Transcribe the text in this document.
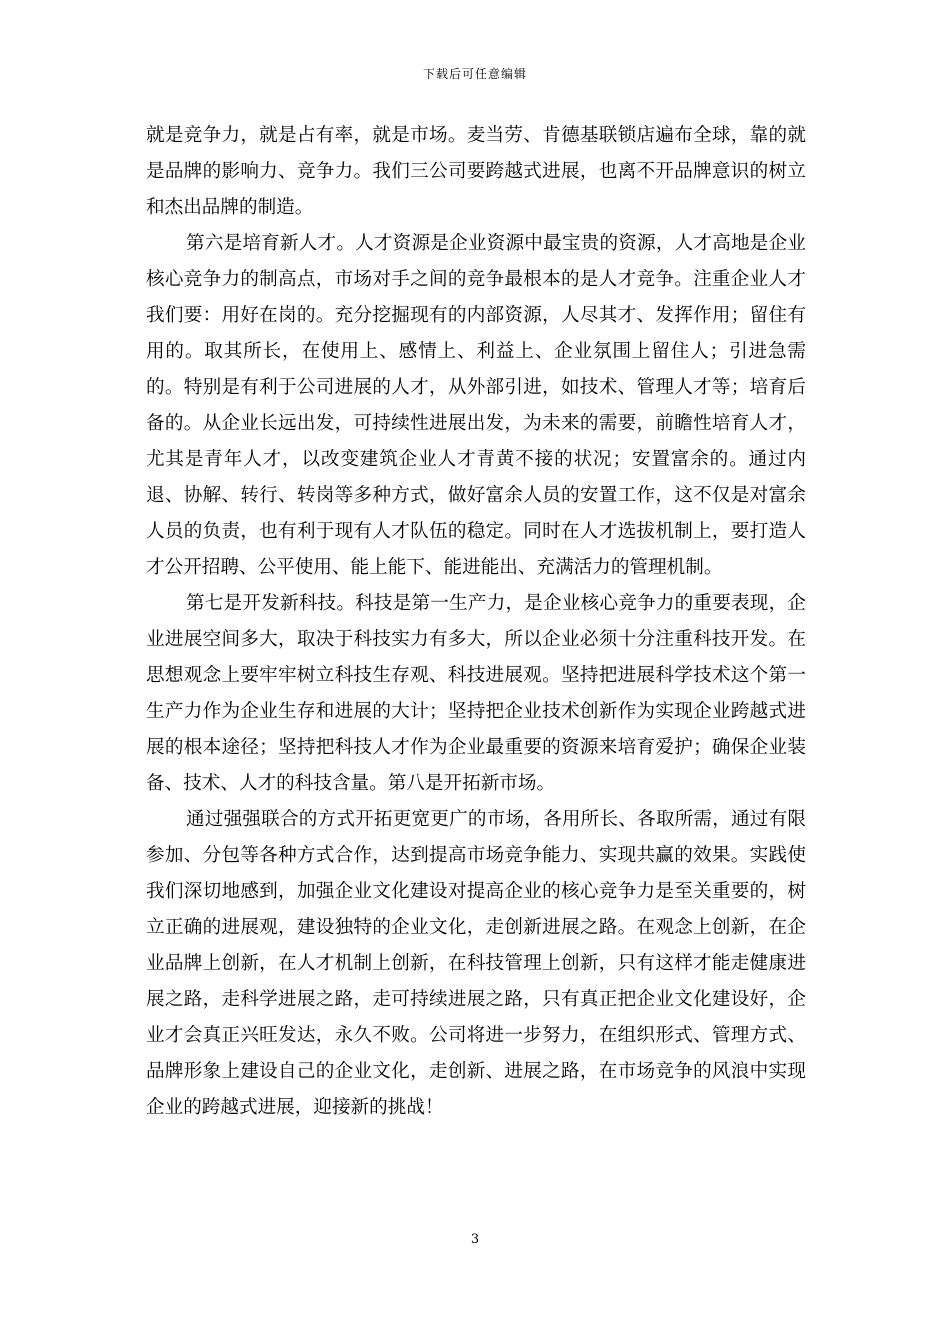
下载后可任意编辑

就是竞争力，就是占有率，就是市场。麦当劳、肯德基联锁店遍布全球，靠的就是品牌的影响力、竞争力。我们三公司要跨越式进展，也离不开品牌意识的树立和杰出品牌的制造。

第六是培育新人才。人才资源是企业资源中最宝贵的资源，人才高地是企业核心竞争力的制高点，市场对手之间的竞争最根本的是人才竞争。注重企业人才我们要：用好在岗的。充分挖掘现有的内部资源，人尽其才、发挥作用；留住有用的。取其所长，在使用上、感情上、利益上、企业氛围上留住人；引进急需的。特别是有利于公司进展的人才，从外部引进，如技术、管理人才等；培育后备的。从企业长远出发，可持续性进展出发，为未来的需要，前瞻性培育人才，尤其是青年人才，以改变建筑企业人才青黄不接的状况；安置富余的。通过内退、协解、转行、转岗等多种方式，做好富余人员的安置工作，这不仅是对富余人员的负责，也有利于现有人才队伍的稳定。同时在人才选拔机制上，要打造人才公开招聘、公平使用、能上能下、能进能出、充满活力的管理机制。

第七是开发新科技。科技是第一生产力，是企业核心竞争力的重要表现，企业进展空间多大，取决于科技实力有多大，所以企业必须十分注重科技开发。在思想观念上要牢牢树立科技生存观、科技进展观。坚持把进展科学技术这个第一生产力作为企业生存和进展的大计；坚持把企业技术创新作为实现企业跨越式进展的根本途径；坚持把科技人才作为企业最重要的资源来培育爱护；确保企业装备、技术、人才的科技含量。第八是开拓新市场。

通过强强联合的方式开拓更宽更广的市场，各用所长、各取所需，通过有限参加、分包等各种方式合作，达到提高市场竞争能力、实现共赢的效果。实践使我们深切地感到，加强企业文化建设对提高企业的核心竞争力是至关重要的，树立正确的进展观，建设独特的企业文化，走创新进展之路。在观念上创新，在企业品牌上创新，在人才机制上创新，在科技管理上创新，只有这样才能走健康进展之路，走科学进展之路，走可持续进展之路，只有真正把企业文化建设好，企业才会真正兴旺发达，永久不败。公司将进一步努力，在组织形式、管理方式、品牌形象上建设自己的企业文化，走创新、进展之路，在市场竞争的风浪中实现企业的跨越式进展，迎接新的挑战！

3
